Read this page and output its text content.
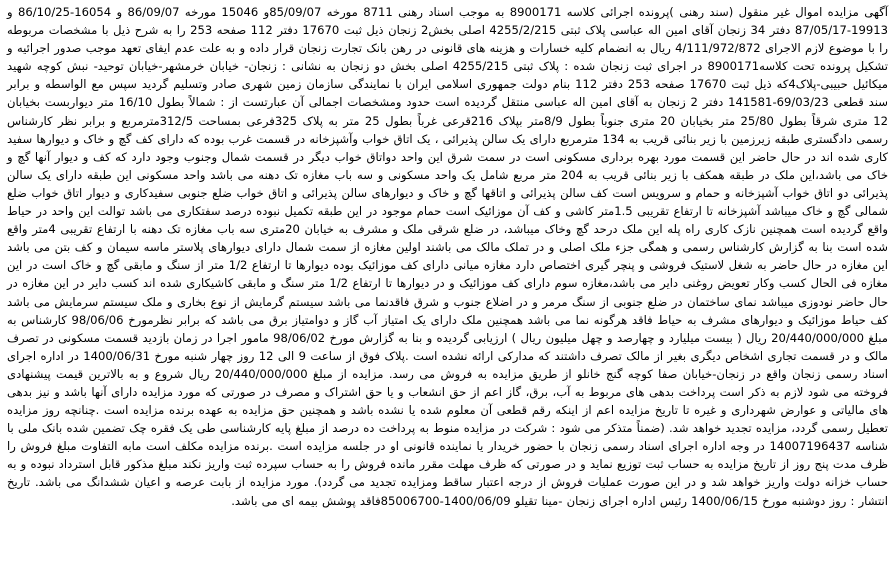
آگهی مزایده اموال غیر منقول (سند رهنی )پرونده اجرائی کلاسه 8900171 به موجب اسناد رهنی 8711 مورخه 85/09/07و 15046 مورخه 86/09/07 و 16054-86/10/25 و 19913-87/05/17 دفتر 34 زنجان آقای امین اله عباسی پلاک ثبتی 4255/2/215 اصلی بخش2 زنجان ذیل ثبت 17670 دفتر 112 صفحه 253 را به شرح ذیل با مشخصات مربوطه را با موضوع لازم الاجرای 4/111/972/872 ریال به انضمام کلیه خسارات و هزینه های قانونی در رهن بانک تجارت زنجان قرار داده و به علت عدم ایفای تعهد موجب صدور اجرائیه و تشکیل پرونده تحت کلاسه8900171 در اجرای ثبت زنجان شده : پلاک ثبتی 4255/215 اصلی بخش دو زنجان به نشانی : زنجان- خیابان خرمشهر-خیابان توحید- نبش کوچه شهید میکائیل حبیبی-پلاک4که ذیل ثبت 17670 صفحه 253 دفتر 112 بنام دولت جمهوری اسلامی ایران با نمایندگی سازمان زمین شهری صادر وتسلیم گردید سپس مع الواسطه و برابر سند قطعی 69/03/23-141581 دفتر 2 زنجان به آقای امین اله عباسی منتقل گردیده است حدود ومشخصات اجمالی آن عبارتست از : شمالاً بطول 16/10 متر دیواربست بخیابان 12 متری شرقاً بطول 25/80 متر بخیابان 20 متری جنوباً بطول 8/9متر بپلاک 216قرعی غرباً بطول 25 متر به پلاک 325فرعی بمساحت 312/5مترمربع و برابر نظر کارشناس رسمی دادگستری طبقه زیرزمین با زیر بنائی قریب به 134 مترمربع دارای یک سالن پذیرائی ، یک اتاق خواب وآشپزخانه در قسمت غرب بوده که دارای کف گچ و خاک و دیوارها سفید کاری شده اند در حال حاضر این قسمت مورد بهره برداری مسکونی است در سمت شرق این واحد دواتاق خواب دیگر در قسمت شمال وجنوب وجود دارد که کف و دیوار آنها گچ و خاک می باشد،این ملک در طبقه همکف با زیر بنائی قریب به 204 متر مربع شامل یک واحد مسکونی و سه باب مغازه تک دهنه می باشد واحد مسکونی این طبقه دارای یک سالن پذیرائی دو اتاق خواب آشپزخانه و حمام و سرویس است کف سالن پذیرائی و اتاقها گچ و خاک و دیوارهای سالن پذیرائی و اتاق خواب ضلع جنوبی سفیدکاری و دیوار اتاق خواب ضلع شمالی گچ و خاک میباشد آشپزخانه تا ارتفاع تقریبی 1.5متر کاشی و کف آن موزائیک است حمام موجود در این طبقه تکمیل نبوده درصد سفتکاری می باشد توالت این واحد در حیاط واقع گردیده است همچنین نازک کاری راه پله این ملک درحد گچ وخاک میباشد، در ضلع شرقی ملک و مشرف به خیابان 20متری سه باب مغازه تک دهنه با ارتفاع تقریبی 4متر واقع شده است بنا به گزارش کارشناس رسمی و همگی جزء ملک اصلی و در تملک مالک می باشند اولین مغازه از سمت شمال دارای دیوارهای پلاستر ماسه سیمان و کف بتن می باشد این مغازه در حال حاضر به شغل لاستیک فروشی و پنچر گیری اختصاص دارد مغازه میانی دارای کف موزائیک بوده دیوارها تا ارتفاع 1/2 متر از سنگ و مابقی گچ و خاک است در این مغازه فی الحال کسب وکار تعویض روغنی دایر می باشد،مغازه سوم دارای کف موزائیک و در دیوارها تا ارتفاع 1/2 متر سنگ و مابقی کاشیکاری شده اند کسب دایر در این مغازه در حال حاضر نودوزی میباشد نمای ساختمان در ضلع جنوبی از سنگ مرمر و در اضلاع جنوب و شرق فاقدنما می باشد سیستم گرمایش از نوع بخاری و ملک سیستم سرمایش می باشد کف حیاط موزائیک و دیوارهای مشرف به حیاط فاقد هرگونه نما می باشد همچنین ملک دارای یک امتیاز آب گاز و دوامتیاز برق می باشد که برابر نظرمورخ 98/06/06 کارشناس به مبلغ 20/440/000/000 ریال ( بیست میلیارد و چهارصد و چهل میلیون ریال ) ارزیابی گردیده و بنا به گزارش مورخ 98/06/02 مامور اجرا در زمان بازدید قسمت مسکونی در تصرف مالک و در قسمت تجاری اشخاص دیگری بغیر از مالک تصرف داشتند که مدارکی ارائه نشده است .پلاک فوق از ساعت 9 الی 12 روز چهار شنبه مورخ 1400/06/31 در اداره اجرای اسناد رسمی زنجان واقع در زنجان-خیابان صفا کوچه گنج خانلو از طریق مزایده به فروش می رسد. مزایده از مبلغ 20/440/000/000 ریال شروع و به بالاترین قیمت پیشنهادی فروخته می شود لازم به ذکر است پرداخت بدهی های مربوط به آب، برق، گاز اعم از حق انشعاب و یا حق اشتراک و مصرف در صورتی که مورد مزایده دارای آنها باشد و نیز بدهی های مالیاتی و عوارض شهرداری و غیره تا تاریخ مزایده اعم از اینکه رقم قطعی آن معلوم شده یا نشده باشد و همچنین حق مزایده به عهده برنده مزایده است .چنانچه روز مزایده تعطیل رسمی گردد، مزایده تجدید خواهد شد. (ضمناً متذکر می شود : شرکت در مزایده منوط به پرداخت ده درصد از مبلغ پایه کارشناسی طی یک فقره چک تضمین شده بانک ملی با شناسه 14007196437 در وجه اداره اجرای اسناد رسمی زنجان با حضور خریدار یا نماینده قانونی او در جلسه مزایده است .برنده مزایده مکلف است مابه التفاوت مبلغ فروش را ظرف مدت پنج روز از تاریخ مزایده به حساب ثبت توزیع نماید و در صورتی که ظرف مهلت مقرر مانده فروش را به حساب سپرده ثبت واریز نکند مبلغ مذکور قابل استرداد نبوده و به حساب خزانه دولت واریز خواهد شد و در این صورت عملیات فروش از درجه اعتبار ساقط ومزایده تجدید می گردد). مورد مزایده از بابت عرصه و اعیان ششدانگ می باشد. تاریخ انتشار : روز دوشنبه مورخ 1400/06/15 رئیس اداره اجرای زنجان -مینا تقیلو 1400/06/09-85006700فاقد پوشش بیمه ای می باشد.
